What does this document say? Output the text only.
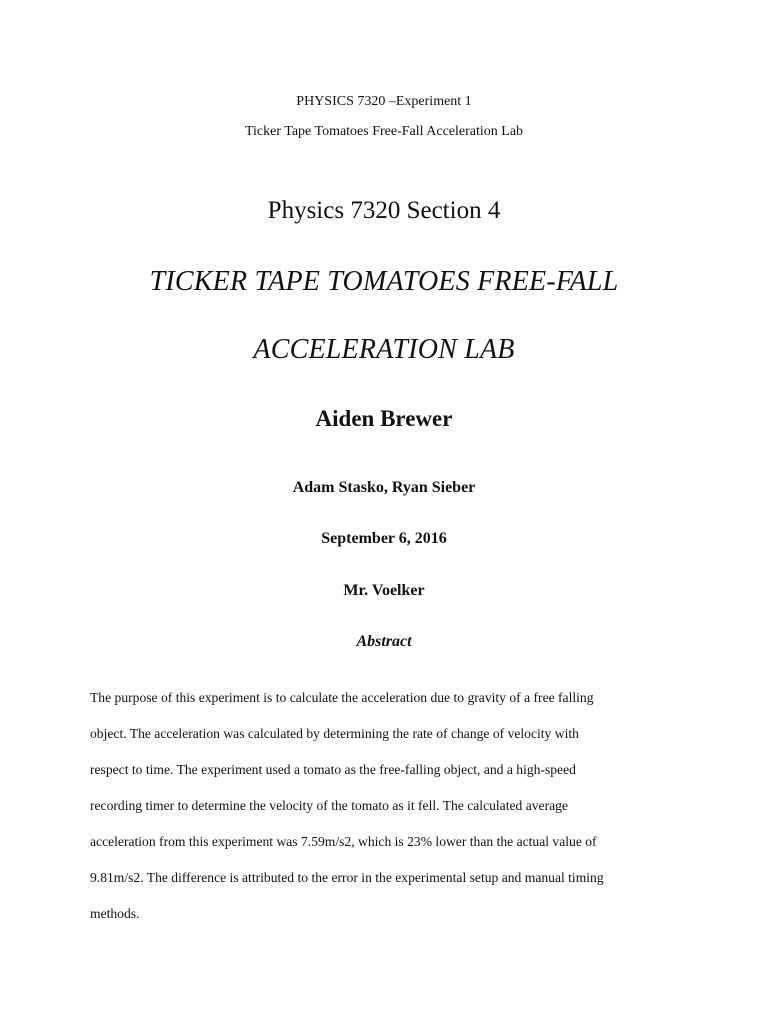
PHYSICS 7320 –Experiment 1
Ticker Tape Tomatoes Free-Fall Acceleration Lab
Physics 7320 Section 4
TICKER TAPE TOMATOES FREE-FALL
ACCELERATION LAB
Aiden Brewer
Adam Stasko, Ryan Sieber
September 6, 2016
Mr. Voelker
Abstract
The purpose of this experiment is to calculate the acceleration due to gravity of a free falling
object. The acceleration was calculated by determining the rate of change of velocity with
respect to time. The experiment used a tomato as the free-falling object, and a high-speed
recording timer to determine the velocity of the tomato as it fell. The calculated average
acceleration from this experiment was 7.59m/s2, which is 23% lower than the actual value of
9.81m/s2. The difference is attributed to the error in the experimental setup and manual timing
methods.
